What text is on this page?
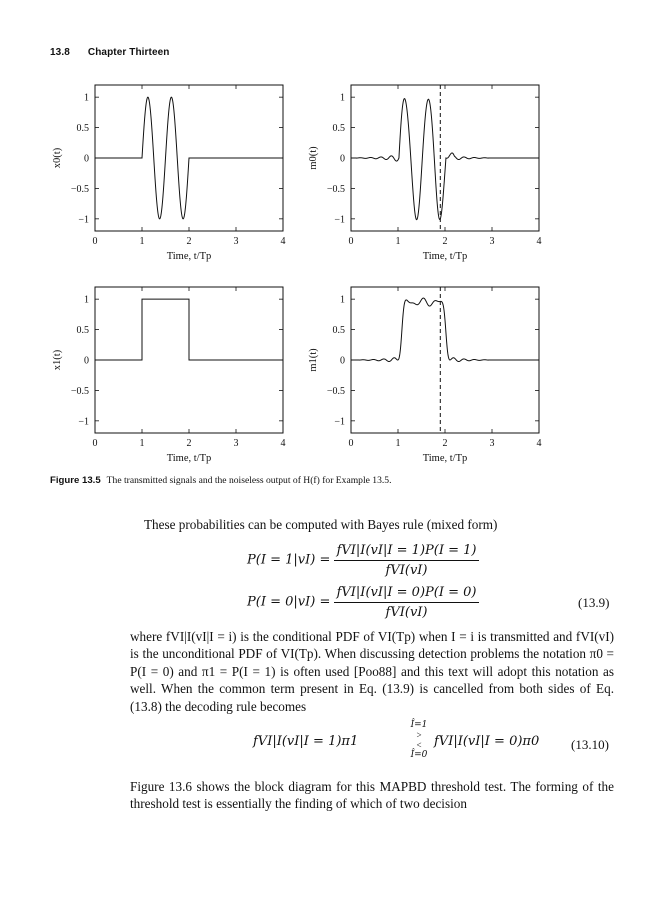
13.8 Chapter Thirteen
0	1	2	3	4
1
0.5
0
−0.5
−1
Time, t/Tp
x0(t)
0	1	2	3	4
1
0.5
0
−0.5
−1
Time, t/Tp
m0(t)
0	1	2	3	4
1
0.5
0
−0.5
−1
Time, t/Tp
x1(t)
0	1	2	3	4
1
0.5
0
−0.5
−1
Time, t/Tp
m1(t)
Figure 13.5 The transmitted signals and the noiseless output of H(f) for Example 13.5.
These probabilities can be computed with Bayes rule (mixed form)
$P(I = 1|vI) = \frac{\text{fVI|I(vI|I = 1)P(I = 1)}}{\text{fVI(vI)}}$
$P(I = 0|vI) = \frac{\text{fVI|I(vI|I = 0)P(I = 0)}}{\text{fVI(vI)}}$	(13.9)
where fVI|I(vI|I = i) is the conditional PDF of VI(Tp) when I = i is transmitted and fVI(vI) is the unconditional PDF of VI(Tp). When discussing detection problems the notation π0 = P(I = 0) and π1 = P(I = 1) is often used [Poo88] and this text will adopt this notation as well. When the common term present in Eq. (13.9) is cancelled from both sides of Eq. (13.8) the decoding rule becomes
fVI|I(vI|I = 1)π1
Î=1
>
<
Î=0
fVI|I(vI|I = 0)π0 (13.10)
Figure 13.6 shows the block diagram for this MAPBD threshold test. The forming of the threshold test is essentially the finding of which of two decision
